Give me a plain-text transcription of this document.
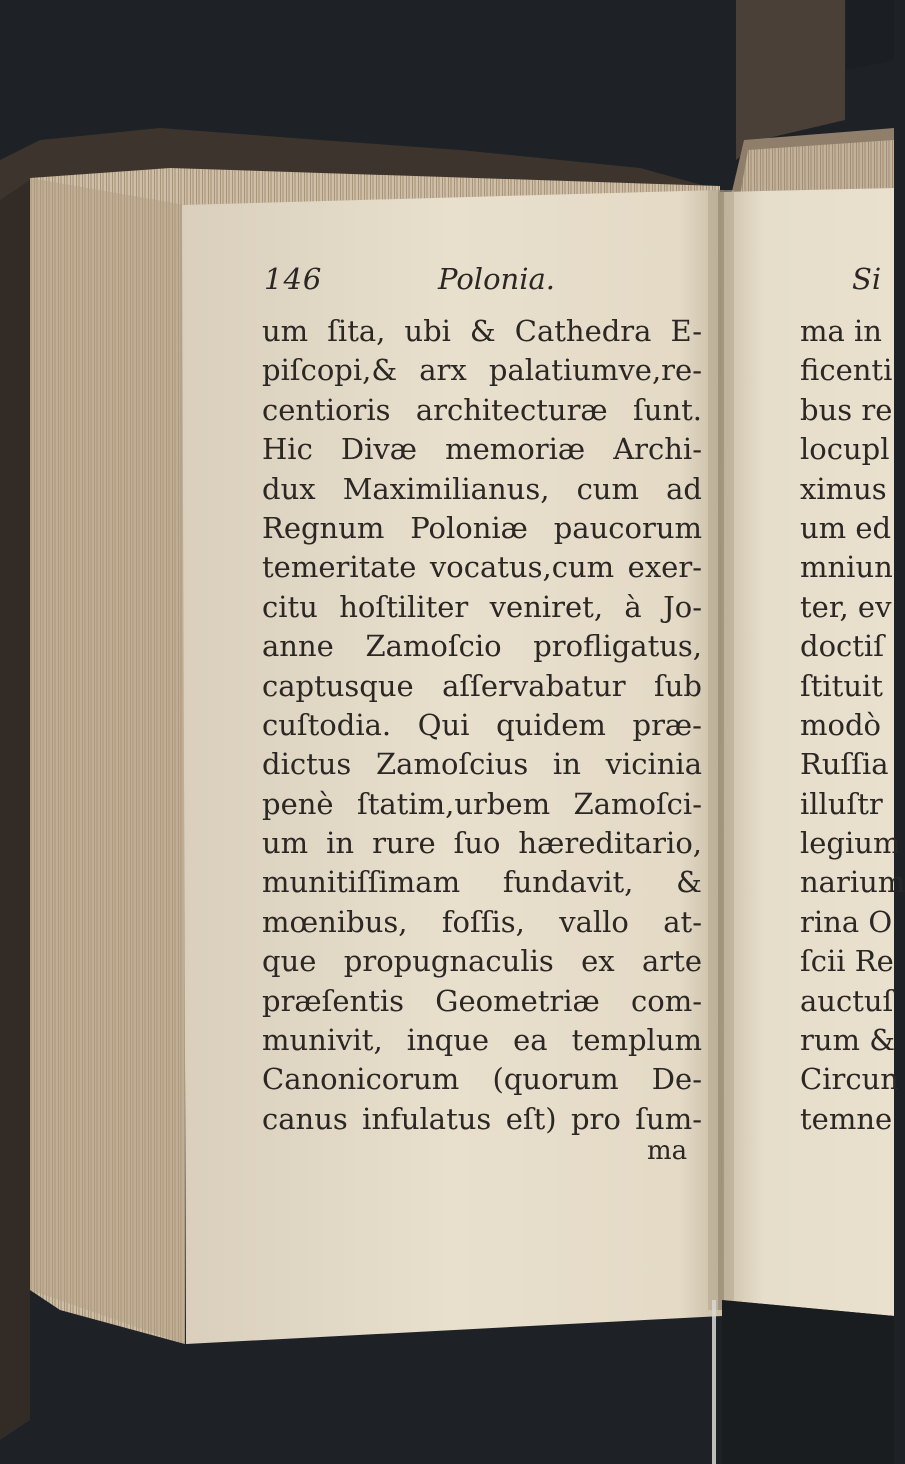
146	Polonia.
um ſita, ubi & Cathedra E-
piſcopi,& arx palatiumve,re-
centioris architecturæ ſunt.
Hic Divæ memoriæ Archi-
dux Maximilianus, cum ad
Regnum Poloniæ paucorum
temeritate vocatus,cum exer-
citu hoſtiliter veniret, à Jo-
anne Zamoſcio profligatus,
captusque aſſervabatur ſub
cuſtodia. Qui quidem præ-
dictus Zamoſcius in vicinia
penè ſtatim,urbem Zamoſci-
um in rure ſuo hæreditario,
munitiſſimam fundavit, &
mœnibus, foſſis, vallo at-
que propugnaculis ex arte
præſentis Geometriæ com-
munivit, inque ea templum
Canonicorum (quorum De-
canus infulatus eſt) pro ſum-
ma
Si
ma in
ficenti
bus re
locupl
ximus
um ed
mniun
ter, ev
doctiſ
ſtituit
modò
Ruſſia
illuſtr
legium
narium
rina O
ſcii Re
auctuſ
rum &
Circun
temne
